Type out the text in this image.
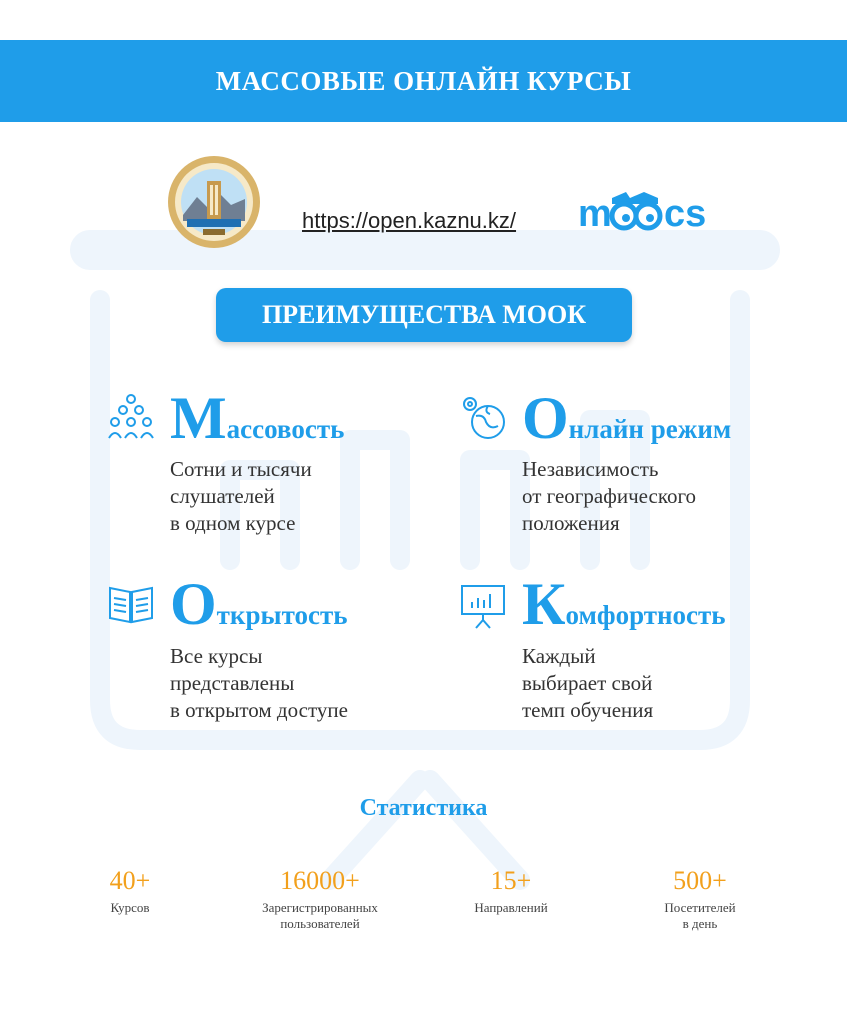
МАССОВЫЕ ОНЛАЙН КУРСЫ
https://open.kaznu.kz/ m cs
ПРЕИМУЩЕСТВА МООК
Массовость
Сотни и тысячи
слушателей
в одном курсе
Онлайн режим
Независимость
от географического
положения
Открытость
Все курсы
представлены
в открытом доступе
Комфортность
Каждый
выбирает свой
темп обучения
Статистика
40+
Курсов
16000+
Зарегистрированных
пользователей
15+
Направлений
500+
Посетителей
в день
